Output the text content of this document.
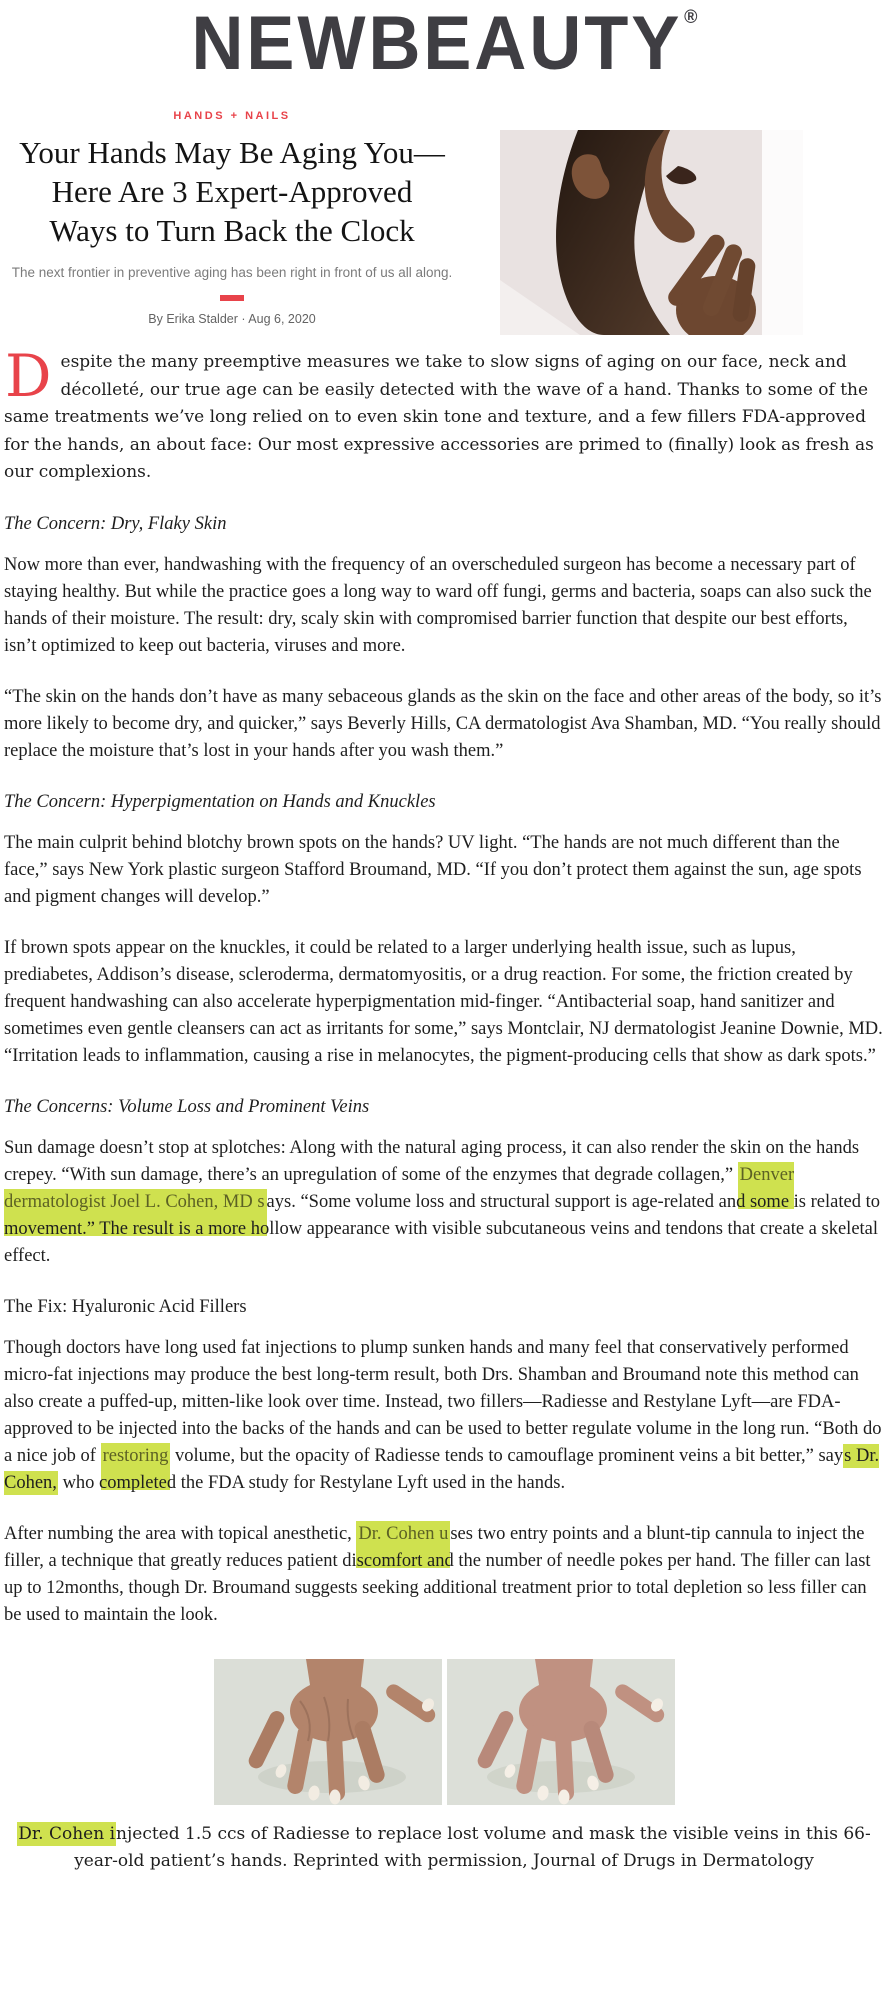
NEWBEAUTY ®
HANDS + NAILS
Your Hands May Be Aging You—
Here Are 3 Expert-Approved
Ways to Turn Back the Clock
The next frontier in preventive aging has been right in front of us all along.
By Erika Stalder · Aug 6, 2020

Despite the many preemptive measures we take to slow signs of aging on our face, neck and décolleté, our true age can be easily detected with the wave of a hand. Thanks to some of the same treatments we’ve long relied on to even skin tone and texture, and a few fillers FDA-approved for the hands, an about face: Our most expressive accessories are primed to (finally) look as fresh as our complexions.

The Concern: Dry, Flaky Skin

Now more than ever, handwashing with the frequency of an overscheduled surgeon has become a necessary part of staying healthy. But while the practice goes a long way to ward off fungi, germs and bacteria, soaps can also suck the hands of their moisture. The result: dry, scaly skin with compromised barrier function that despite our best efforts, isn’t optimized to keep out bacteria, viruses and more.

“The skin on the hands don’t have as many sebaceous glands as the skin on the face and other areas of the body, so it’s more likely to become dry, and quicker,” says Beverly Hills, CA dermatologist Ava Shamban, MD. “You really should replace the moisture that’s lost in your hands after you wash them.”

The Concern: Hyperpigmentation on Hands and Knuckles

The main culprit behind blotchy brown spots on the hands? UV light. “The hands are not much different than the face,” says New York plastic surgeon Stafford Broumand, MD. “If you don’t protect them against the sun, age spots and pigment changes will develop.”

If brown spots appear on the knuckles, it could be related to a larger underlying health issue, such as lupus, prediabetes, Addison’s disease, scleroderma, dermatomyositis, or a drug reaction. For some, the friction created by frequent handwashing can also accelerate hyperpigmentation mid-finger. “Antibacterial soap, hand sanitizer and sometimes even gentle cleansers can act as irritants for some,” says Montclair, NJ dermatologist Jeanine Downie, MD. “Irritation leads to inflammation, causing a rise in melanocytes, the pigment-producing cells that show as dark spots.”

The Concerns: Volume Loss and Prominent Veins

Sun damage doesn’t stop at splotches: Along with the natural aging process, it can also render the skin on the hands crepey. “With sun damage, there’s an upregulation of some of the enzymes that degrade collagen,” Denver dermatologist Joel L. Cohen, MD s ays. “Some volume loss and structural support is age-related and some is related to movement.” The result is a more hollow appearance with visible subcutaneous veins and tendons that create a skeletal effect.

The Fix: Hyaluronic Acid Fillers

Though doctors have long used fat injections to plump sunken hands and many feel that conservatively performed micro-fat injections may produce the best long-term result, both Drs. Shamban and Broumand note this method can also create a puffed-up, mitten-like look over time. Instead, two fillers—Radiesse and Restylane Lyft—are FDA-approved to be injected into the backs of the hands and can be used to better regulate volume in the long run. “Both do a nice job of restoring volume, but the opacity of Radiesse tends to camouflage prominent veins a bit better,” says Dr. Cohen, who completed the FDA study for Restylane Lyft used in the hands.

After numbing the area with topical anesthetic, Dr. Cohen u ses two entry points and a blunt-tip cannula to inject the filler, a technique that greatly reduces patient discomfort and the number of needle pokes per hand. The filler can last up to 12months, though Dr. Broumand suggests seeking additional treatment prior to total depletion so less filler can be used to maintain the look.

Dr. Cohen injected 1.5 ccs of Radiesse to replace lost volume and mask the visible veins in this 66-year-old patient’s hands. Reprinted with permission, Journal of Drugs in Dermatology
